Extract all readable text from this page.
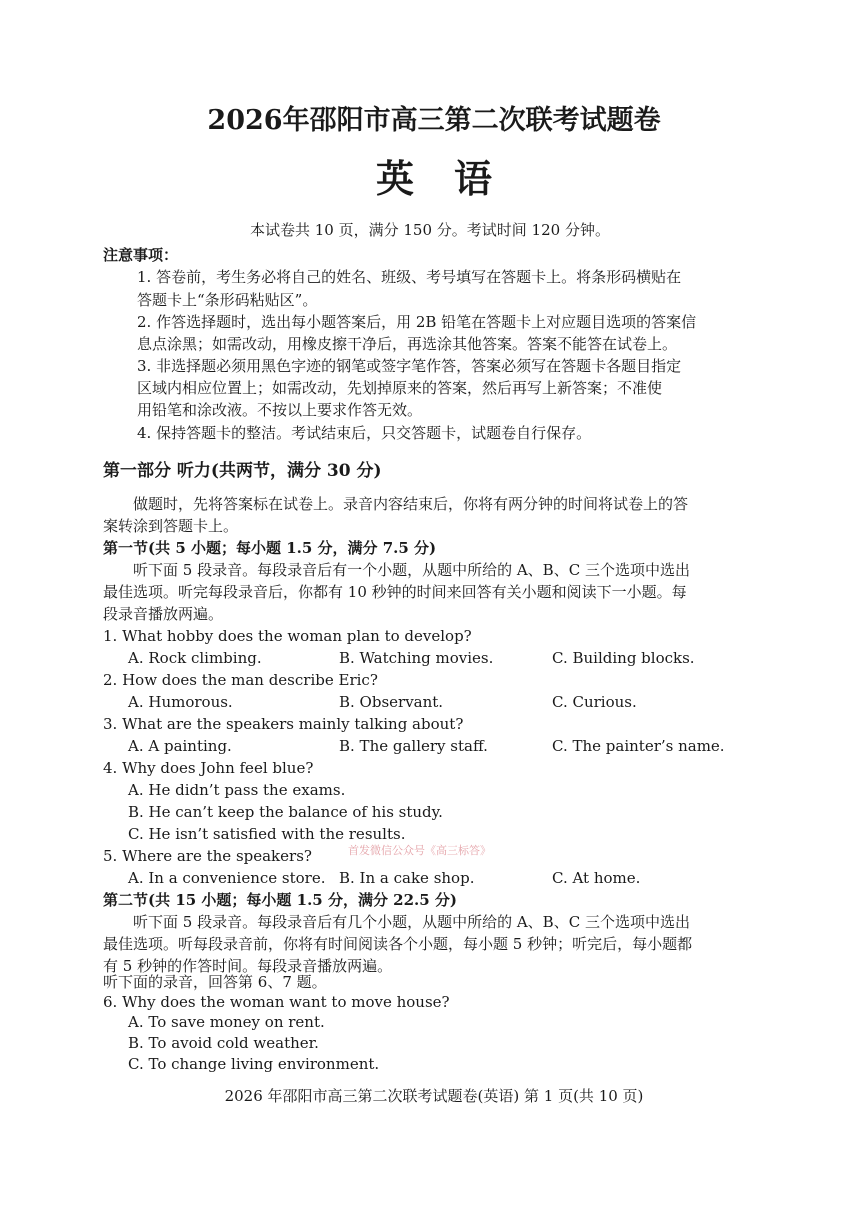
2026年邵阳市高三第二次联考试题卷
英语
本试卷共 10 页，满分 150 分。考试时间 120 分钟。
注意事项：
1. 答卷前，考生务必将自己的姓名、班级、考号填写在答题卡上。将条形码横贴在
答题卡上“条形码粘贴区”。
2. 作答选择题时，选出每小题答案后，用 2B 铅笔在答题卡上对应题目选项的答案信
息点涂黑；如需改动，用橡皮擦干净后，再选涂其他答案。答案不能答在试卷上。
3. 非选择题必须用黑色字迹的钢笔或签字笔作答，答案必须写在答题卡各题目指定
区域内相应位置上；如需改动，先划掉原来的答案，然后再写上新答案；不准使
用铅笔和涂改液。不按以上要求作答无效。
4. 保持答题卡的整洁。考试结束后，只交答题卡，试题卷自行保存。
第一部分 听力(共两节，满分 30 分)
做题时，先将答案标在试卷上。录音内容结束后，你将有两分钟的时间将试卷上的答
案转涂到答题卡上。
第一节(共 5 小题；每小题 1.5 分，满分 7.5 分)
听下面 5 段录音。每段录音后有一个小题，从题中所给的 A、B、C 三个选项中选出
最佳选项。听完每段录音后，你都有 10 秒钟的时间来回答有关小题和阅读下一小题。每
段录音播放两遍。
1. What hobby does the woman plan to develop?
A. Rock climbing.	B. Watching movies.	C. Building blocks.
2. How does the man describe Eric?
A. Humorous.	B. Observant.	C. Curious.
3. What are the speakers mainly talking about?
A. A painting.	B. The gallery staff.	C. The painter’s name.
4. Why does John feel blue?
A. He didn’t pass the exams.
B. He can’t keep the balance of his study.
C. He isn’t satisfied with the results.
首发微信公众号《高三标答》
5. Where are the speakers?
A. In a convenience store. B. In a cake shop.	C. At home.
第二节(共 15 小题；每小题 1.5 分，满分 22.5 分)
听下面 5 段录音。每段录音后有几个小题，从题中所给的 A、B、C 三个选项中选出
最佳选项。听每段录音前，你将有时间阅读各个小题，每小题 5 秒钟；听完后，每小题都
有 5 秒钟的作答时间。每段录音播放两遍。
听下面的录音，回答第 6、7 题。
6. Why does the woman want to move house?
A. To save money on rent.
B. To avoid cold weather.
C. To change living environment.
2026 年邵阳市高三第二次联考试题卷(英语) 第 1 页(共 10 页)
